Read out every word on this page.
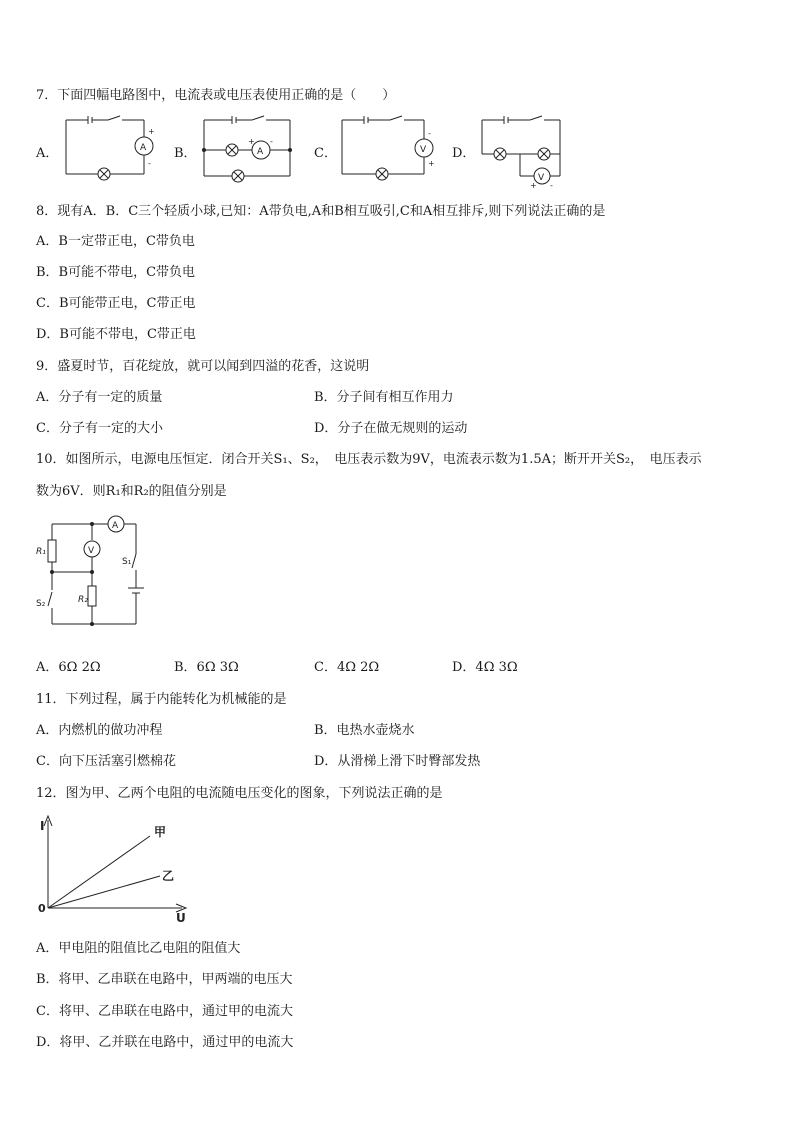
7．下面四幅电路图中，电流表或电压表使用正确的是（　　）
A．	A
+
-
B．	A
+ -
C．	V
-
+
D．
V
+ -
8．现有A．B．C三个轻质小球,已知：A带负电,A和B相互吸引,C和A相互排斥,则下列说法正确的是
A．B一定带正电，C带负电
B．B可能不带电，C带负电
C．B可能带正电，C带正电
D．B可能不带电，C带正电
9．盛夏时节，百花绽放，就可以闻到四溢的花香，这说明
A．分子有一定的质量	B．分子间有相互作用力
C．分子有一定的大小	D．分子在做无规则的运动
10．如图所示，电源电压恒定．闭合开关S₁、S₂，　电压表示数为9V，电流表示数为1.5A；断开开关S₂，　电压表示
数为6V．则R₁和R₂的阻值分别是
A
V
R₁
R₂
S₁
S₂
A．6Ω 2Ω	B．6Ω 3Ω	C．4Ω 2Ω	D．4Ω 3Ω
11．下列过程，属于内能转化为机械能的是
A．内燃机的做功冲程	B．电热水壶烧水
C．向下压活塞引燃棉花	D．从滑梯上滑下时臀部发热
12．图为甲、乙两个电阻的电流随电压变化的图象，下列说法正确的是
I
U
0
甲
乙
A．甲电阻的阻值比乙电阻的阻值大
B．将甲、乙串联在电路中，甲两端的电压大
C．将甲、乙串联在电路中，通过甲的电流大
D．将甲、乙并联在电路中，通过甲的电流大
